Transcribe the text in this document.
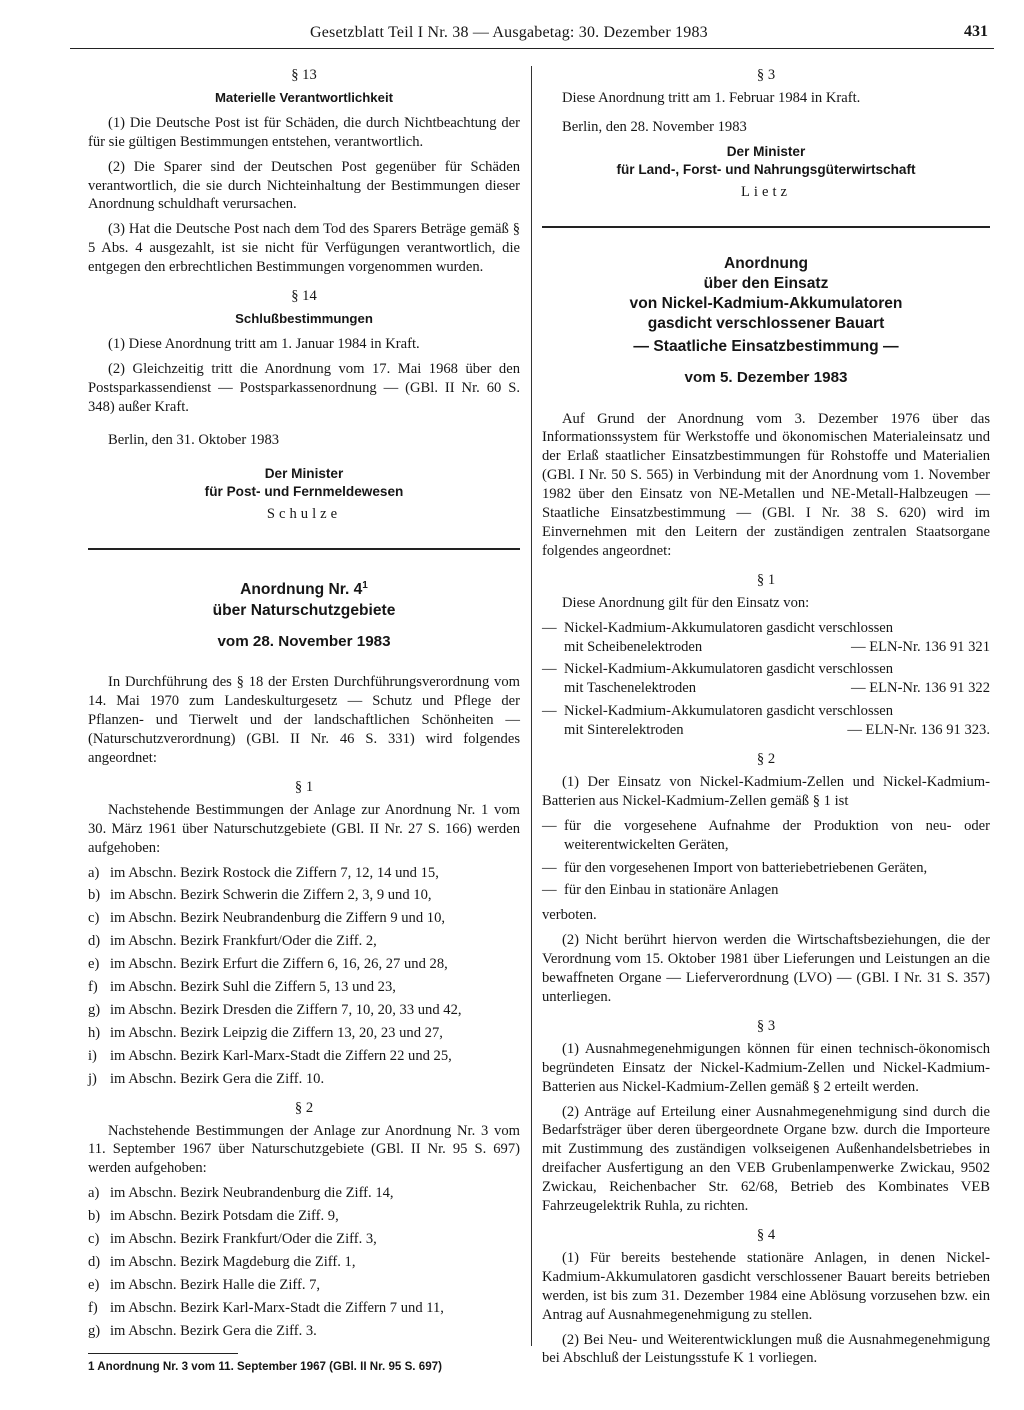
Gesetzblatt Teil I Nr. 38 — Ausgabetag: 30. Dezember 1983	431
§ 13
Materielle Verantwortlichkeit

(1) Die Deutsche Post ist für Schäden, die durch Nichtbeachtung der für sie gültigen Bestimmungen entstehen, verantwortlich.

(2) Die Sparer sind der Deutschen Post gegenüber für Schäden verantwortlich, die sie durch Nichteinhaltung der Bestimmungen dieser Anordnung schuldhaft verursachen.

(3) Hat die Deutsche Post nach dem Tod des Sparers Beträge gemäß § 5 Abs. 4 ausgezahlt, ist sie nicht für Verfügungen verantwortlich, die entgegen den erbrechtlichen Bestimmungen vorgenommen wurden.

§ 14
Schlußbestimmungen

(1) Diese Anordnung tritt am 1. Januar 1984 in Kraft.

(2) Gleichzeitig tritt die Anordnung vom 17. Mai 1968 über den Postsparkassendienst — Postsparkassenordnung — (GBl. II Nr. 60 S. 348) außer Kraft.

Berlin, den 31. Oktober 1983

Der Minister
für Post- und Fernmeldewesen
Schulze
Anordnung Nr. $4^1$
über Naturschutzgebiete
vom 28. November 1983

In Durchführung des § 18 der Ersten Durchführungsverordnung vom 14. Mai 1970 zum Landeskulturgesetz — Schutz und Pflege der Pflanzen- und Tierwelt und der landschaftlichen Schönheiten — (Naturschutzverordnung) (GBl. II Nr. 46 S. 331) wird folgendes angeordnet:

§ 1

Nachstehende Bestimmungen der Anlage zur Anordnung Nr. 1 vom 30. März 1961 über Naturschutzgebiete (GBl. II Nr. 27 S. 166) werden aufgehoben:

a) im Abschn. Bezirk Rostock die Ziffern 7, 12, 14 und 15,
b) im Abschn. Bezirk Schwerin die Ziffern 2, 3, 9 und 10,
c) im Abschn. Bezirk Neubrandenburg die Ziffern 9 und 10,
d) im Abschn. Bezirk Frankfurt/Oder die Ziff. 2,
e) im Abschn. Bezirk Erfurt die Ziffern 6, 16, 26, 27 und 28,
f) im Abschn. Bezirk Suhl die Ziffern 5, 13 und 23,
g) im Abschn. Bezirk Dresden die Ziffern 7, 10, 20, 33 und 42,
h) im Abschn. Bezirk Leipzig die Ziffern 13, 20, 23 und 27,
i) im Abschn. Bezirk Karl-Marx-Stadt die Ziffern 22 und 25,
j) im Abschn. Bezirk Gera die Ziff. 10.
§ 2

Nachstehende Bestimmungen der Anlage zur Anordnung Nr. 3 vom 11. September 1967 über Naturschutzgebiete (GBl. II Nr. 95 S. 697) werden aufgehoben:

a) im Abschn. Bezirk Neubrandenburg die Ziff. 14,
b) im Abschn. Bezirk Potsdam die Ziff. 9,
c) im Abschn. Bezirk Frankfurt/Oder die Ziff. 3,
d) im Abschn. Bezirk Magdeburg die Ziff. 1,
e) im Abschn. Bezirk Halle die Ziff. 7,
f) im Abschn. Bezirk Karl-Marx-Stadt die Ziffern 7 und 11,
g) im Abschn. Bezirk Gera die Ziff. 3.
1 Anordnung Nr. 3 vom 11. September 1967 (GBl. II Nr. 95 S. 697)
§ 3

Diese Anordnung tritt am 1. Februar 1984 in Kraft.

Berlin, den 28. November 1983

Der Minister
für Land-, Forst- und Nahrungsgüterwirtschaft
Lietz
Anordnung
über den Einsatz
von Nickel-Kadmium-Akkumulatoren
gasdicht verschlossener Bauart
— Staatliche Einsatzbestimmung —
vom 5. Dezember 1983

Auf Grund der Anordnung vom 3. Dezember 1976 über das Informationssystem für Werkstoffe und ökonomischen Materialeinsatz und der Erlaß staatlicher Einsatzbestimmungen für Rohstoffe und Materialien (GBl. I Nr. 50 S. 565) in Verbindung mit der Anordnung vom 1. November 1982 über den Einsatz von NE-Metallen und NE-Metall-Halbzeugen — Staatliche Einsatzbestimmung — (GBl. I Nr. 38 S. 620) wird im Einvernehmen mit den Leitern der zuständigen zentralen Staatsorgane folgendes angeordnet:

§ 1

Diese Anordnung gilt für den Einsatz von:

— Nickel-Kadmium-Akkumulatoren gasdicht verschlossen

mit Scheibenelektroden	— ELN-Nr. 136 91 321
— Nickel-Kadmium-Akkumulatoren gasdicht verschlossen

mit Taschenelektroden	— ELN-Nr. 136 91 322
— Nickel-Kadmium-Akkumulatoren gasdicht verschlossen

mit Sinterelektroden	— ELN-Nr. 136 91 323.
§ 2

(1) Der Einsatz von Nickel-Kadmium-Zellen und Nickel-Kadmium-Batterien aus Nickel-Kadmium-Zellen gemäß § 1 ist

— für die vorgesehene Aufnahme der Produktion von neu- oder weiterentwickelten Geräten,
— für den vorgesehenen Import von batteriebetriebenen Geräten,
— für den Einbau in stationäre Anlagen

verboten.

(2) Nicht berührt hiervon werden die Wirtschaftsbeziehungen, die der Verordnung vom 15. Oktober 1981 über Lieferungen und Leistungen an die bewaffneten Organe — Lieferverordnung (LVO) — (GBl. I Nr. 31 S. 357) unterliegen.

§ 3

(1) Ausnahmegenehmigungen können für einen technisch-ökonomisch begründeten Einsatz der Nickel-Kadmium-Zellen und Nickel-Kadmium-Batterien aus Nickel-Kadmium-Zellen gemäß § 2 erteilt werden.

(2) Anträge auf Erteilung einer Ausnahmegenehmigung sind durch die Bedarfsträger über deren übergeordnete Organe bzw. durch die Importeure mit Zustimmung des zuständigen volkseigenen Außenhandelsbetriebes in dreifacher Ausfertigung an den VEB Grubenlampenwerke Zwickau, 9502 Zwickau, Reichenbacher Str. 62/68, Betrieb des Kombinates VEB Fahrzeugelektrik Ruhla, zu richten.

§ 4

(1) Für bereits bestehende stationäre Anlagen, in denen Nickel-Kadmium-Akkumulatoren gasdicht verschlossener Bauart bereits betrieben werden, ist bis zum 31. Dezember 1984 eine Ablösung vorzusehen bzw. ein Antrag auf Ausnahmegenehmigung zu stellen.

(2) Bei Neu- und Weiterentwicklungen muß die Ausnahmegenehmigung bei Abschluß der Leistungsstufe K 1 vorliegen.
